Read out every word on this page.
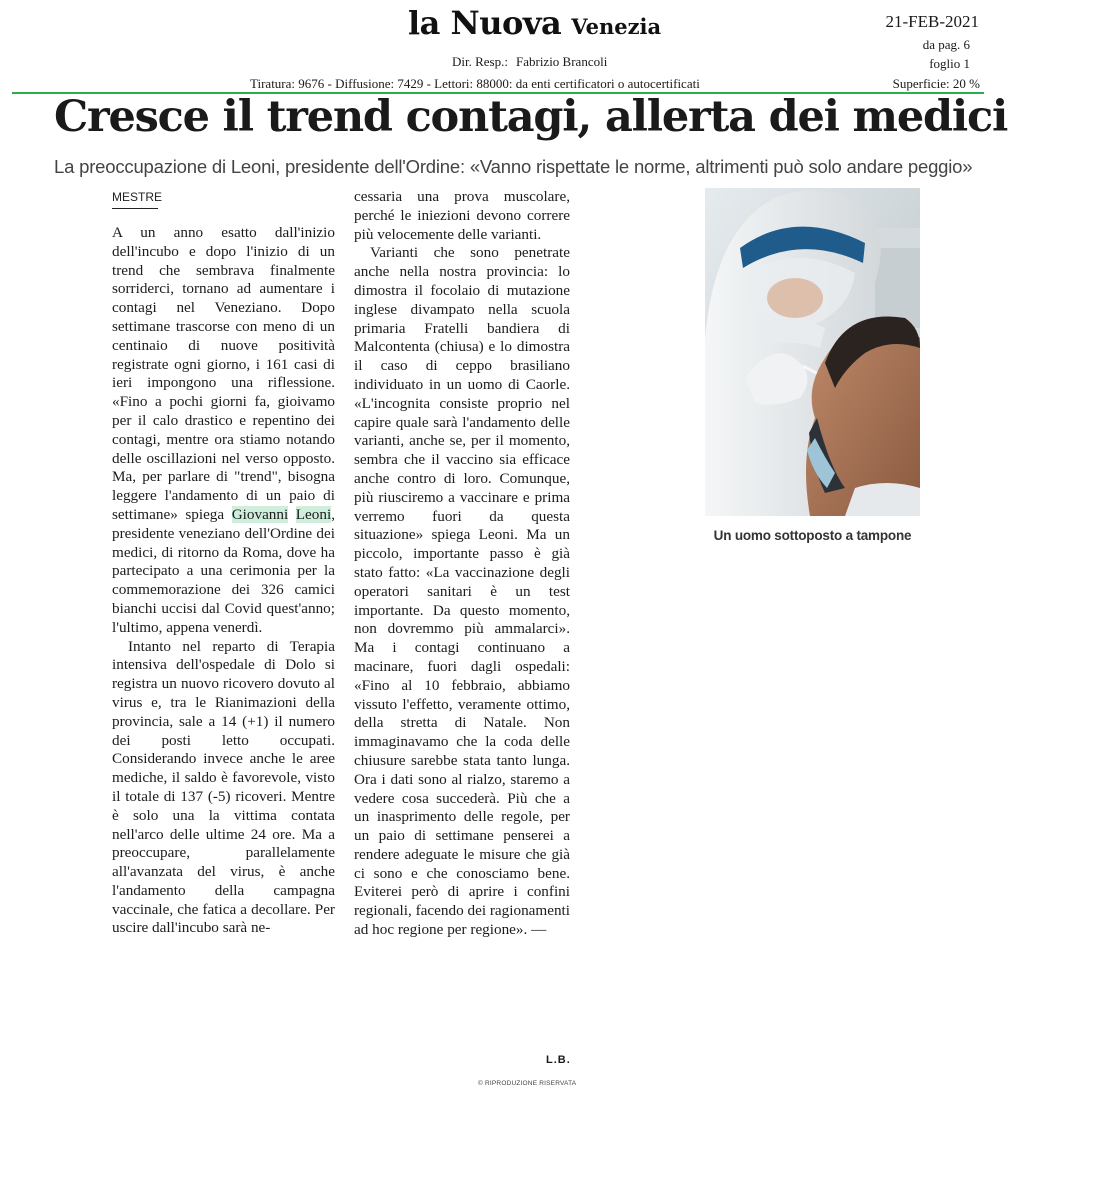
la Nuova Venezia
Dir. Resp.: Fabrizio Brancoli
Tiratura: 9676 - Diffusione: 7429 - Lettori: 88000: da enti certificatori o autocertificati
21-FEB-2021
da pag. 6
foglio 1
Superficie: 20 %
Cresce il trend contagi, allerta dei medici
La preoccupazione di Leoni, presidente dell'Ordine: «Vanno rispettate le norme, altrimenti può solo andare peggio»
MESTRE

A un anno esatto dall'inizio dell'incubo e dopo l'inizio di un trend che sembrava finalmente sorriderci, tornano ad aumentare i contagi nel Veneziano. Dopo settimane trascorse con meno di un centinaio di nuove positività registrate ogni giorno, i 161 casi di ieri impongono una riflessione. «Fino a pochi giorni fa, gioivamo per il calo drastico e repentino dei contagi, mentre ora stiamo notando delle oscillazioni nel verso opposto. Ma, per parlare di "trend", bisogna leggere l'andamento di un paio di settimane» spiega Giovanni Leoni, presidente veneziano dell'Ordine dei medici, di ritorno da Roma, dove ha partecipato a una cerimonia per la commemorazione dei 326 camici bianchi uccisi dal Covid quest'anno; l'ultimo, appena venerdì.

Intanto nel reparto di Terapia intensiva dell'ospedale di Dolo si registra un nuovo ricovero dovuto al virus e, tra le Rianimazioni della provincia, sale a 14 (+1) il numero dei posti letto occupati. Considerando invece anche le aree mediche, il saldo è favorevole, visto il totale di 137 (-5) ricoveri. Mentre è solo una la vittima contata nell'arco delle ultime 24 ore. Ma a preoccupare, parallelamente all'avanzata del virus, è anche l'andamento della campagna vaccinale, che fatica a decollare. Per uscire dall'incubo sarà ne-

cessaria una prova muscolare, perché le iniezioni devono correre più velocemente delle varianti.

Varianti che sono penetrate anche nella nostra provincia: lo dimostra il focolaio di mutazione inglese divampato nella scuola primaria Fratelli bandiera di Malcontenta (chiusa) e lo dimostra il caso di ceppo brasiliano individuato in un uomo di Caorle. «L'incognita consiste proprio nel capire quale sarà l'andamento delle varianti, anche se, per il momento, sembra che il vaccino sia efficace anche contro di loro. Comunque, più riusciremo a vaccinare e prima verremo fuori da questa situazione» spiega Leoni. Ma un piccolo, importante passo è già stato fatto: «La vaccinazione degli operatori sanitari è un test importante. Da questo momento, non dovremmo più ammalarci». Ma i contagi continuano a macinare, fuori dagli ospedali: «Fino al 10 febbraio, abbiamo vissuto l'effetto, veramente ottimo, della stretta di Natale. Non immaginavamo che la coda delle chiusure sarebbe stata tanto lunga. Ora i dati sono al rialzo, staremo a vedere cosa succederà. Più che a un inasprimento delle regole, per un paio di settimane penserei a rendere adeguate le misure che già ci sono e che conosciamo bene. Eviterei però di aprire i confini regionali, facendo dei ragionamenti ad hoc regione per regione». —

L.B.
© RIPRODUZIONE RISERVATA
Un uomo sottoposto a tampone
